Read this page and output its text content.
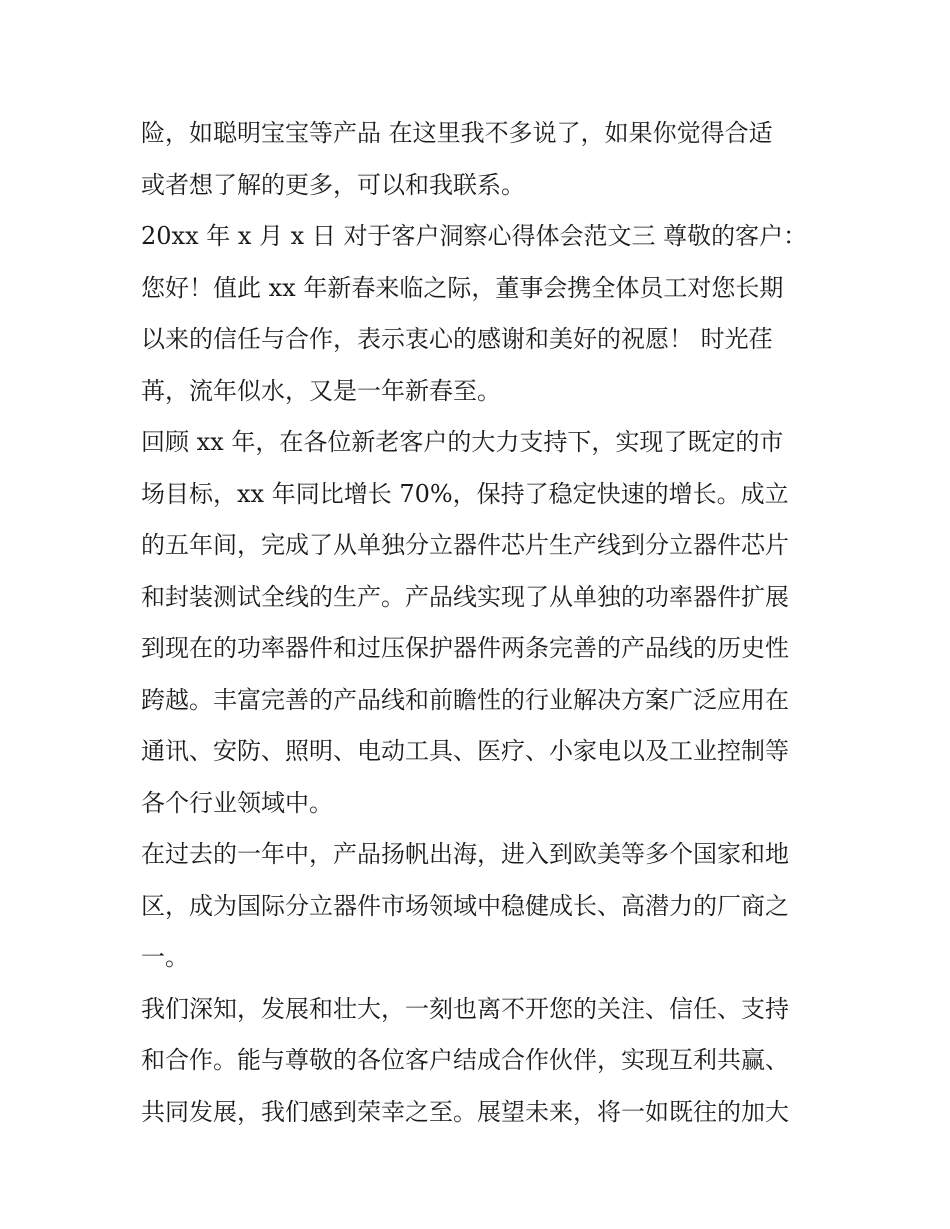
险，如聪明宝宝等产品 在这里我不多说了，如果你觉得合适
或者想了解的更多，可以和我联系。
20xx 年 x 月 x 日 对于客户洞察心得体会范文三 尊敬的客户：
您好！值此 xx 年新春来临之际，董事会携全体员工对您长期
以来的信任与合作，表示衷心的感谢和美好的祝愿！ 时光荏
苒，流年似水，又是一年新春至。
回顾 xx 年，在各位新老客户的大力支持下，实现了既定的市
场目标，xx 年同比增长 70%，保持了稳定快速的增长。成立
的五年间，完成了从单独分立器件芯片生产线到分立器件芯片
和封装测试全线的生产。产品线实现了从单独的功率器件扩展
到现在的功率器件和过压保护器件两条完善的产品线的历史性
跨越。丰富完善的产品线和前瞻性的行业解决方案广泛应用在
通讯、安防、照明、电动工具、医疗、小家电以及工业控制等
各个行业领域中。
在过去的一年中，产品扬帆出海，进入到欧美等多个国家和地
区，成为国际分立器件市场领域中稳健成长、高潜力的厂商之
一。
我们深知，发展和壮大，一刻也离不开您的关注、信任、支持
和合作。能与尊敬的各位客户结成合作伙伴，实现互利共赢、
共同发展，我们感到荣幸之至。展望未来，将一如既往的加大
